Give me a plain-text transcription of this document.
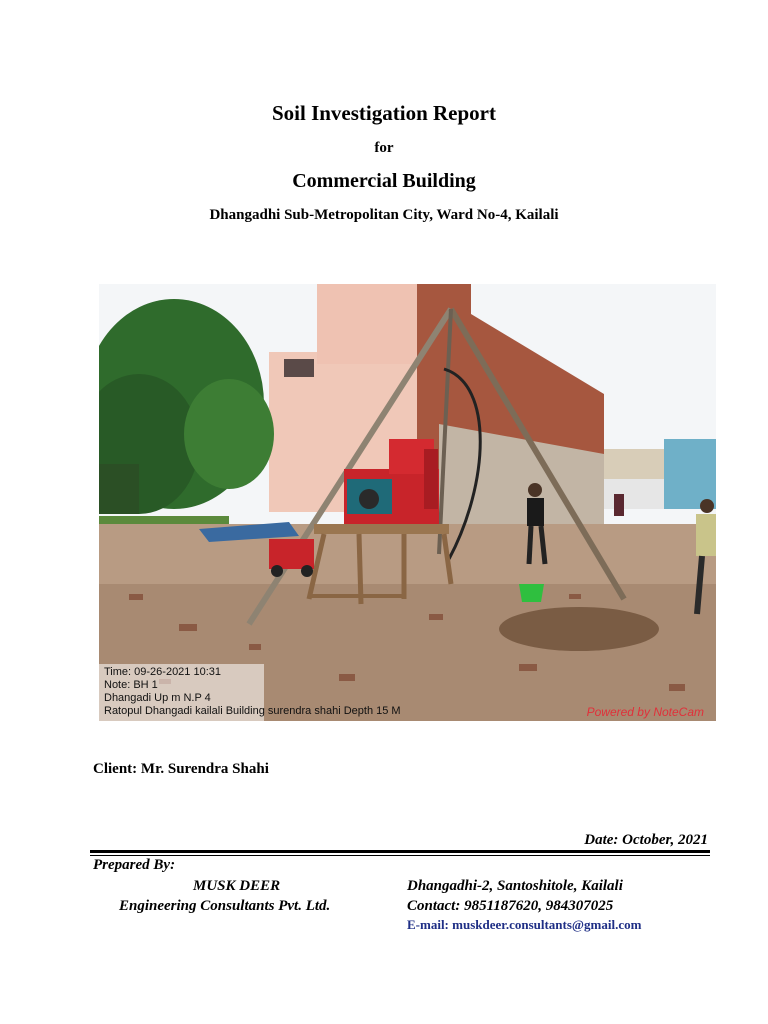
Soil Investigation Report
for
Commercial Building
Dhangadhi Sub-Metropolitan City, Ward No-4, Kailali
Time: 09-26-2021 10:31
Note: BH 1
Dhangadi Up m N.P 4
Ratopul Dhangadi kailali Building surendra shahi Depth 15 M	Powered by NoteCam
Client: Mr. Surendra Shahi
Date: October, 2021
Prepared By:
MUSK DEER
Engineering Consultants Pvt. Ltd.
Dhangadhi-2, Santoshitole, Kailali
Contact: 9851187620, 984307025
E-mail: muskdeer.consultants@gmail.com
